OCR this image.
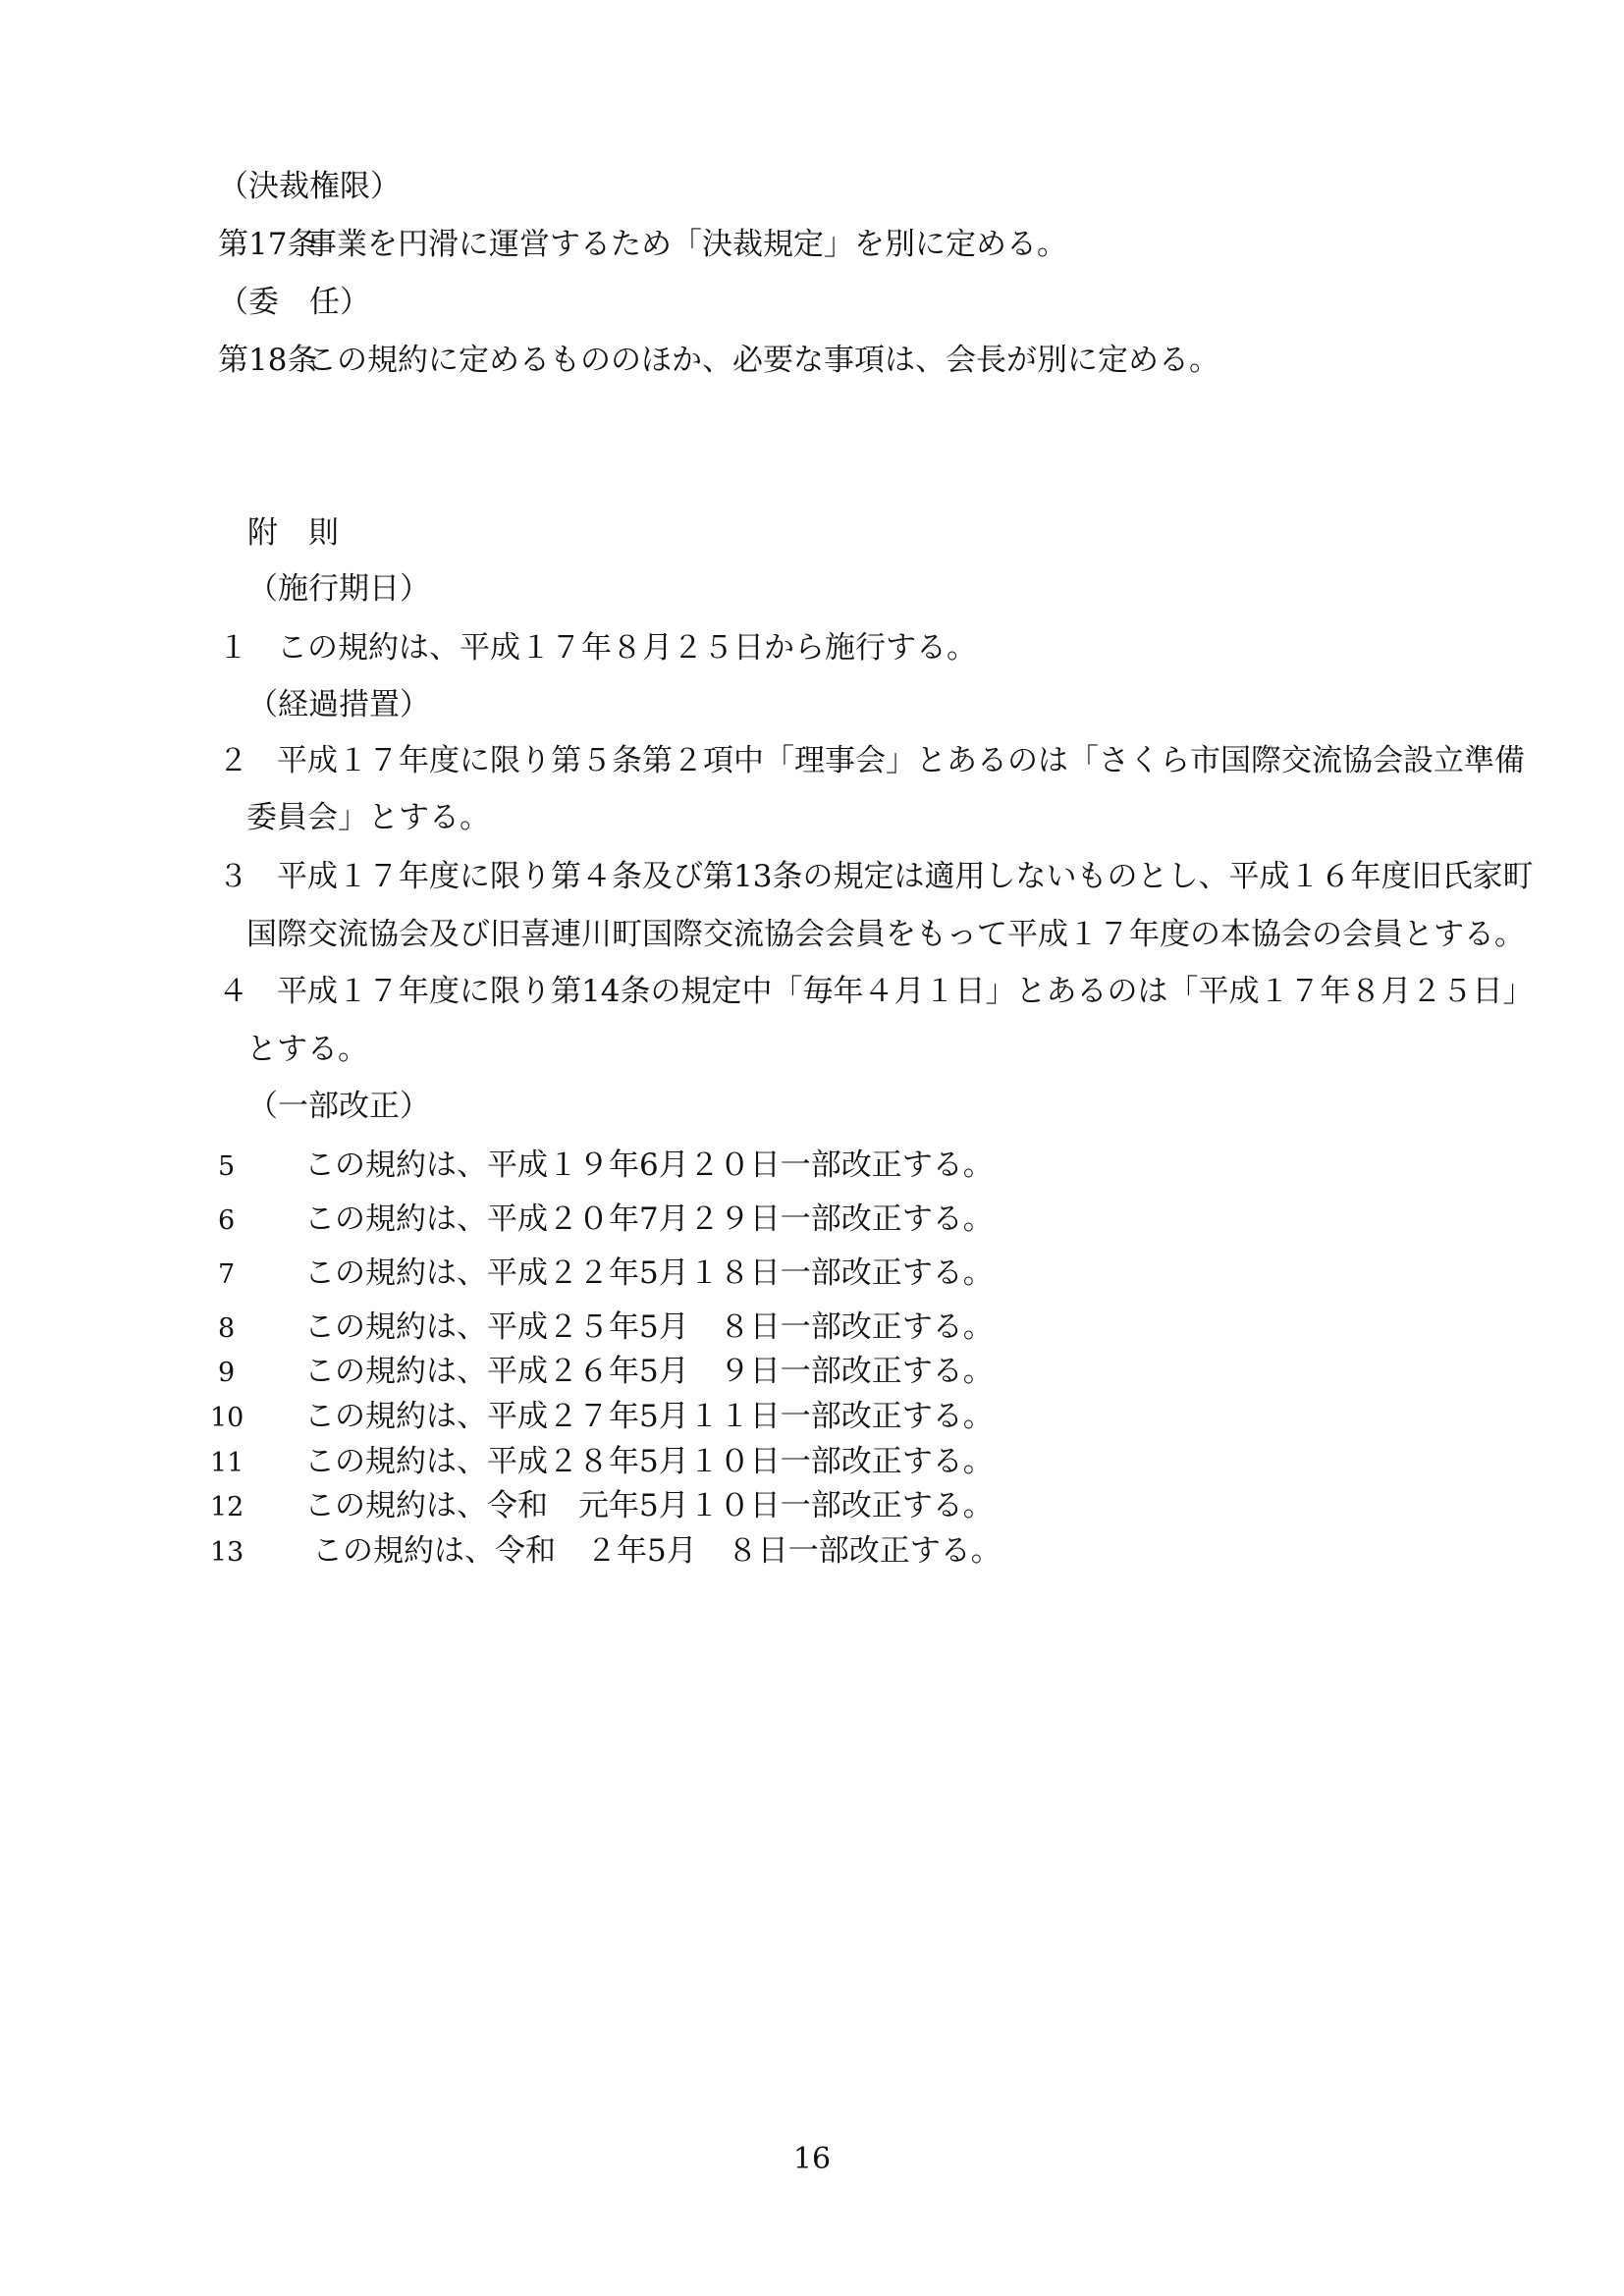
（決裁権限）
第17条事業を円滑に運営するため「決裁規定」を別に定める。
（委　任）
第18条この規約に定めるもののほか、必要な事項は、会長が別に定める。
附　則
（施行期日）
１ この規約は、平成１７年８月２５日から施行する。
（経過措置）
２ 平成１７年度に限り第５条第２項中「理事会」とあるのは「さくら市国際交流協会設立準備
委員会」とする。
３ 平成１７年度に限り第４条及び第13条の規定は適用しないものとし、平成１６年度旧氏家町
国際交流協会及び旧喜連川町国際交流協会会員をもって平成１７年度の本協会の会員とする。
４ 平成１７年度に限り第14条の規定中「毎年４月１日」とあるのは「平成１７年８月２５日」
とする。
（一部改正）
5 この規約は、平成１９年6月２０日一部改正する。
6 この規約は、平成２０年7月２９日一部改正する。
7 この規約は、平成２２年5月１８日一部改正する。
8 この規約は、平成２５年5月　８日一部改正する。
9 この規約は、平成２６年5月　９日一部改正する。
10 この規約は、平成２７年5月１１日一部改正する。
11 この規約は、平成２８年5月１０日一部改正する。
12 この規約は、令和　元年5月１０日一部改正する。
13 この規約は、令和　２年5月　８日一部改正する。
16
